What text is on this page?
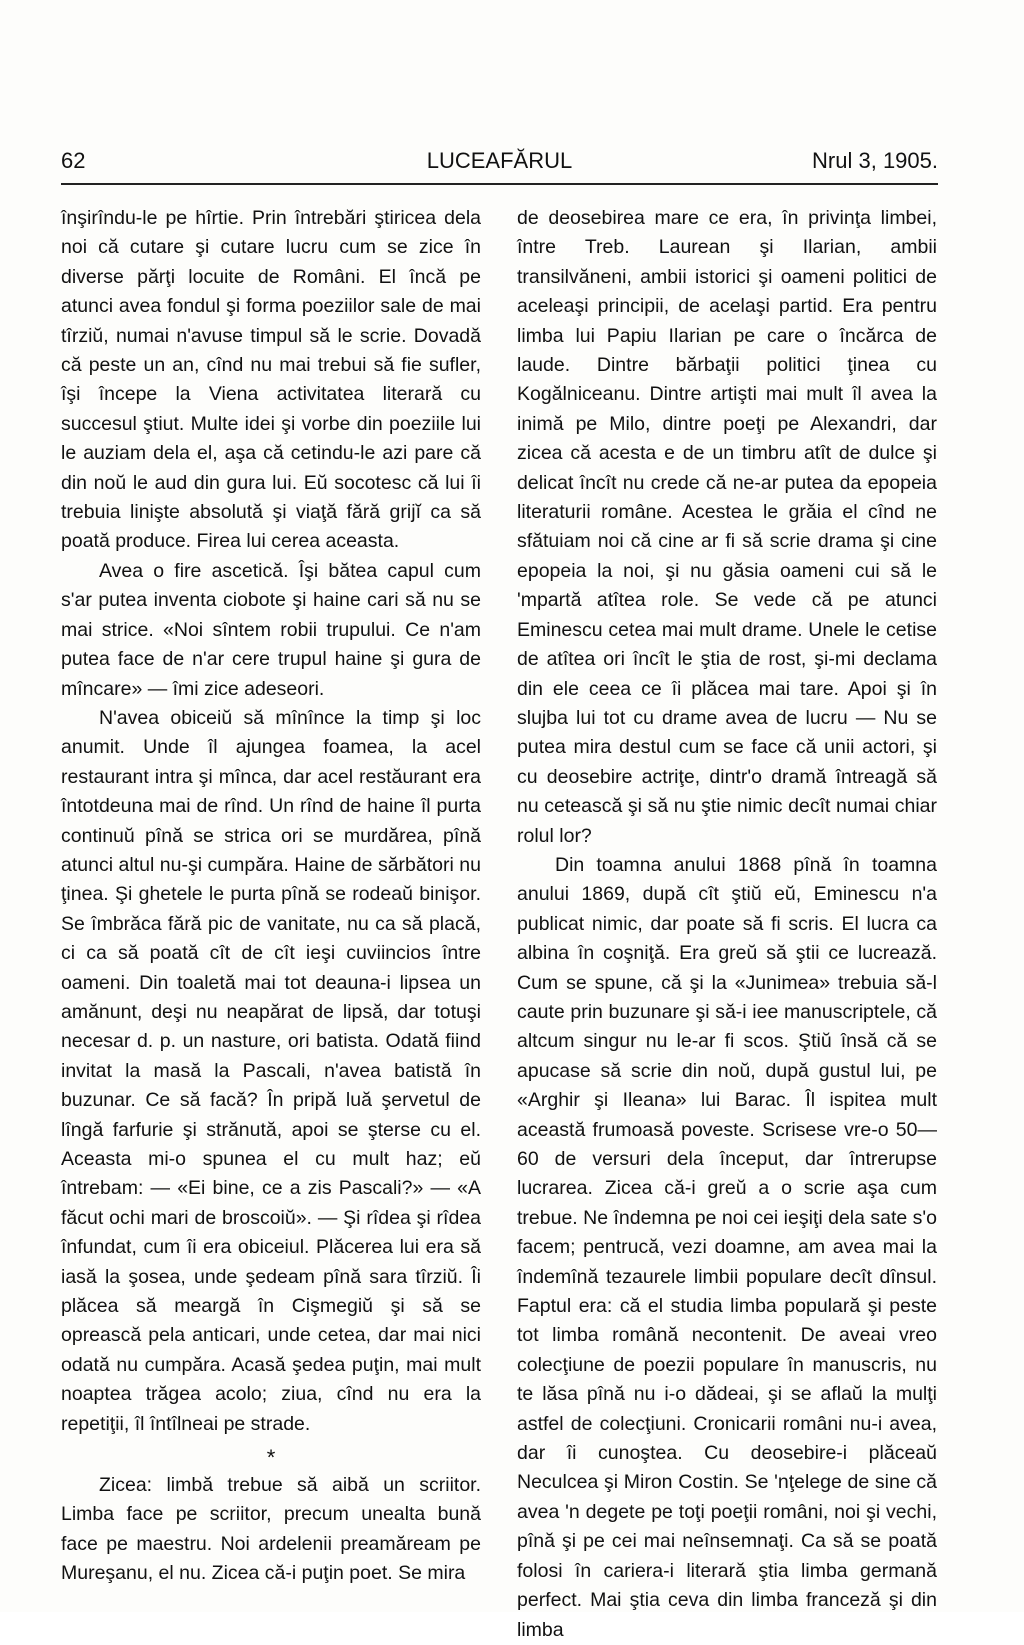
62	LUCEAFĂRUL	Nrul 3, 1905.

înşirîndu-le pe hîrtie. Prin întrebări ştiricea dela noi că cutare şi cutare lucru cum se zice în diverse părţi locuite de Români. El încă pe atunci avea fondul şi forma poeziilor sale de mai tîrziŭ, numai n'avuse timpul să le scrie. Dovadă că peste un an, cînd nu mai trebui să fie sufler, îşi începe la Viena activitatea literară cu succesul ştiut. Multe idei şi vorbe din poeziile lui le auziam dela el, aşa că cetindu-le azi pare că din noŭ le aud din gura lui. Eŭ socotesc că lui îi trebuia linişte absolută şi viaţă fără grijĭ ca să poată produce. Firea lui cerea aceasta.

Avea o fire ascetică. Îşi bătea capul cum s'ar putea inventa ciobote şi haine cari să nu se mai strice. «Noi sîntem robii trupului. Ce n'am putea face de n'ar cere trupul haine şi gura de mîncare» — îmi zice adeseori.

N'avea obiceiŭ să mînînce la timp şi loc anumit. Unde îl ajungea foamea, la acel restaurant intra şi mînca, dar acel restăurant era întotdeuna mai de rînd. Un rînd de haine îl purta continuŭ pînă se strica ori se murdărea, pînă atunci altul nu-şi cumpăra. Haine de sărbători nu ţinea. Şi ghetele le purta pînă se rodeaŭ binişor. Se îmbrăca fără pic de vanitate, nu ca să placă, ci ca să poată cît de cît ieşi cuviincios între oameni. Din toaletă mai tot deauna-i lipsea un amănunt, deşi nu neapărat de lipsă, dar totuşi necesar d. p. un nasture, ori batista. Odată fiind invitat la masă la Pascali, n'avea batistă în buzunar. Ce să facă? În pripă luă şervetul de lîngă farfurie şi strănută, apoi se şterse cu el. Aceasta mi-o spunea el cu mult haz; eŭ întrebam: — «Ei bine, ce a zis Pascali?» — «A făcut ochi mari de broscoiŭ». — Şi rîdea şi rîdea înfundat, cum îi era obiceiul. Plăcerea lui era să iasă la şosea, unde şedeam pînă sara tîrziŭ. Îi plăcea să meargă în Cişmegiŭ şi să se oprească pela anticari, unde cetea, dar mai nici odată nu cumpăra. Acasă şedea puţin, mai mult noaptea trăgea acolo; ziua, cînd nu era la repetiţii, îl întîlneai pe strade.

*

Zicea: limbă trebue să aibă un scriitor. Limba face pe scriitor, precum unealta bună face pe maestru. Noi ardelenii preamăream pe Mureşanu, el nu. Zicea că-i puţin poet. Se mira

de deosebirea mare ce era, în privinţa limbei, între Treb. Laurean şi Ilarian, ambii transilvăneni, ambii istorici şi oameni politici de aceleaşi principii, de acelaşi partid. Era pentru limba lui Papiu Ilarian pe care o încărca de laude. Dintre bărbaţii politici ţinea cu Kogălniceanu. Dintre artişti mai mult îl avea la inimă pe Milo, dintre poeţi pe Alexandri, dar zicea că acesta e de un timbru atît de dulce şi delicat încît nu crede că ne-ar putea da epopeia literaturii române. Acestea le grăia el cînd ne sfătuiam noi că cine ar fi să scrie drama şi cine epopeia la noi, şi nu găsia oameni cui să le 'mpartă atîtea role. Se vede că pe atunci Eminescu cetea mai mult drame. Unele le cetise de atîtea ori încît le ştia de rost, şi-mi declama din ele ceea ce îi plăcea mai tare. Apoi şi în slujba lui tot cu drame avea de lucru — Nu se putea mira destul cum se face că unii actori, şi cu deosebire actriţe, dintr'o dramă întreagă să nu cetească şi să nu ştie nimic decît numai chiar rolul lor?

Din toamna anului 1868 pînă în toamna anului 1869, după cît ştiŭ eŭ, Eminescu n'a publicat nimic, dar poate să fi scris. El lucra ca albina în coşniţă. Era greŭ să ştii ce lucrează. Cum se spune, că şi la «Junimea» trebuia să-l caute prin buzunare şi să-i iee manuscriptele, că altcum singur nu le-ar fi scos. Ştiŭ însă că se apucase să scrie din noŭ, după gustul lui, pe «Arghir şi Ileana» lui Barac. Îl ispitea mult această frumoasă poveste. Scrisese vre-o 50—60 de versuri dela început, dar întrerupse lucrarea. Zicea că-i greŭ a o scrie aşa cum trebue. Ne îndemna pe noi cei ieşiţi dela sate s'o facem; pentrucă, vezi doamne, am avea mai la îndemînă tezaurele limbii populare decît dînsul. Faptul era: că el studia limba populară şi peste tot limba română necontenit. De aveai vreo colecţiune de poezii populare în manuscris, nu te lăsa pînă nu i-o dădeai, şi se aflaŭ la mulţi astfel de colecţiuni. Cronicarii români nu-i avea, dar îi cunoştea. Cu deosebire-i plăceaŭ Neculcea şi Miron Costin. Se 'nţelege de sine că avea 'n degete pe toţi poeţii români, noi şi vechi, pînă şi pe cei mai neînsemnaţi. Ca să se poată folosi în cariera-i literară ştia limba germană perfect. Mai ştia ceva din limba franceză şi din limba
